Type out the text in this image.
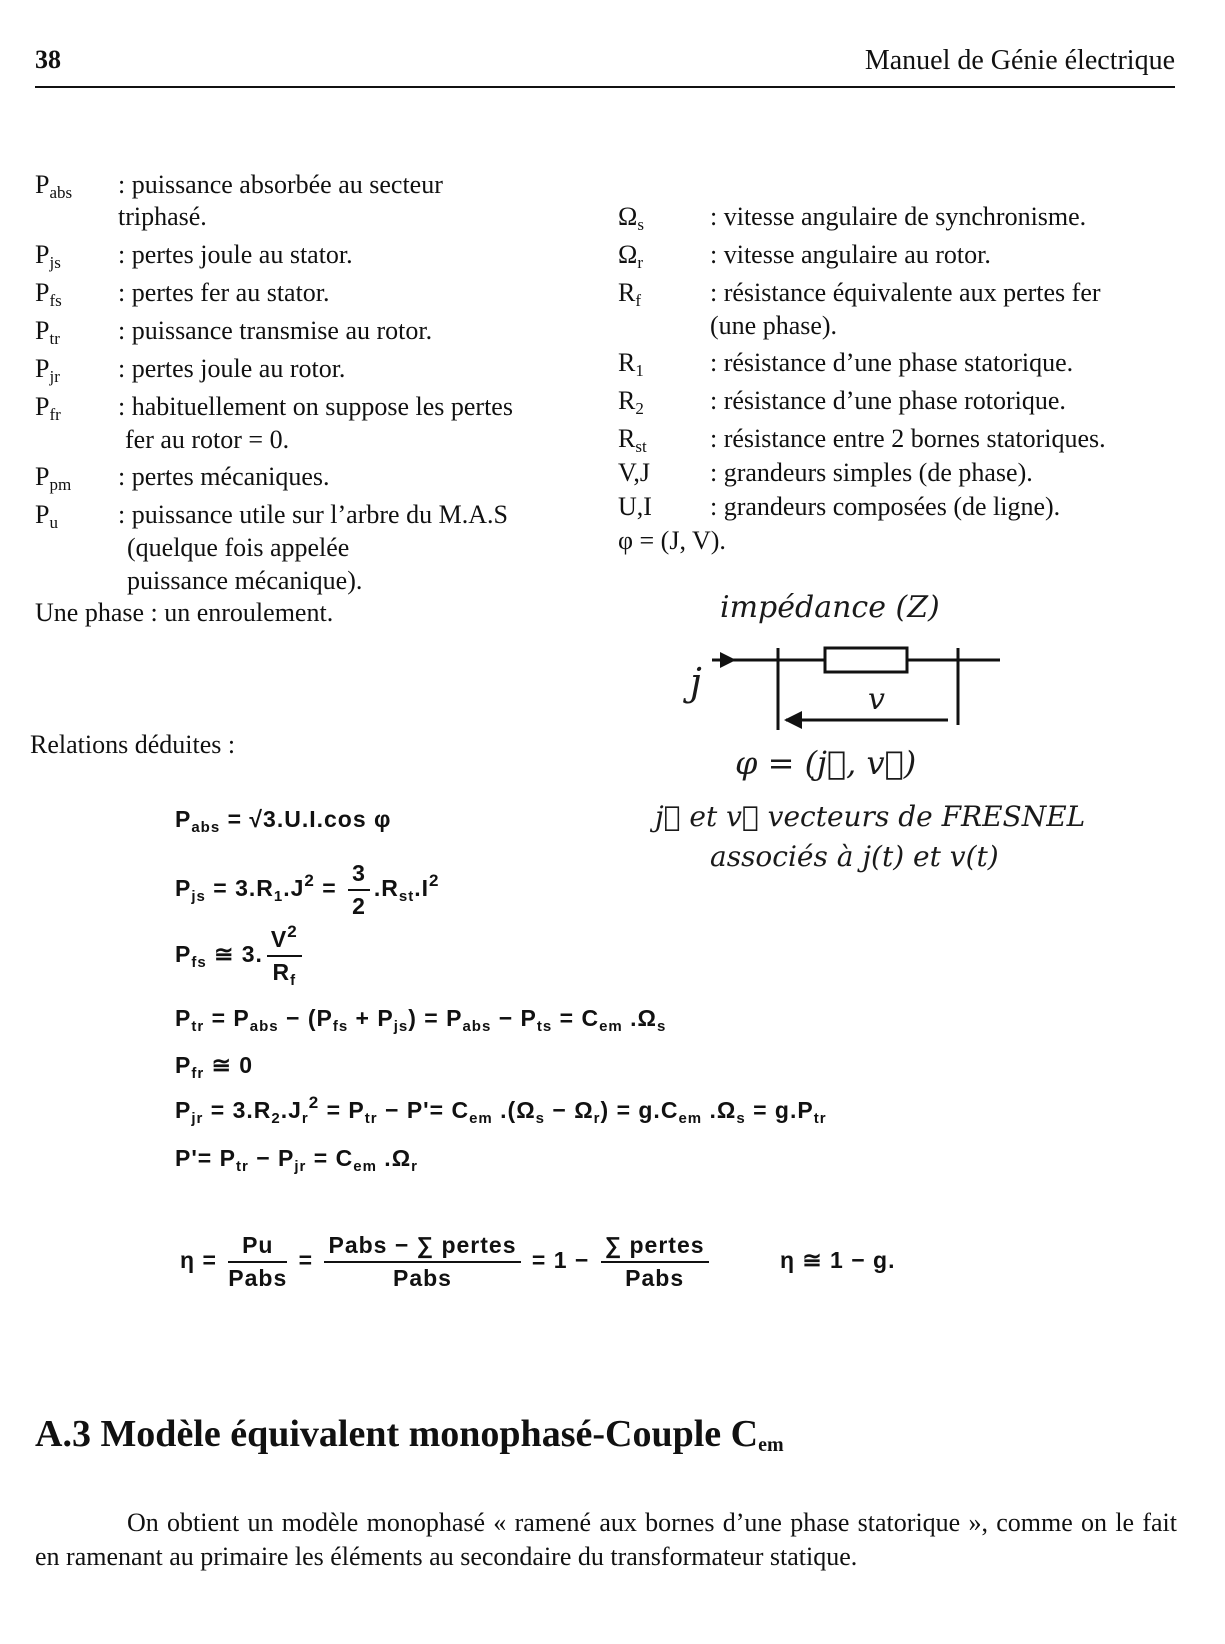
38	Manuel de Génie électrique
$P_{abs}$ : puissance absorbée au secteur
triphasé.
$P_{js}$ : pertes joule au stator.
$P_{fs}$ : pertes fer au stator.
$P_{tr}$ : puissance transmise au rotor.
$P_{jr}$ : pertes joule au rotor.
$P_{fr}$ : habituellement on suppose les pertes
fer au rotor = 0.
$P_{pm}$ : pertes mécaniques.
$P_u$ : puissance utile sur l’arbre du M.A.S
(quelque fois appelée
puissance mécanique).
Une phase : un enroulement.
$\Omega_s$	: vitesse angulaire de synchronisme.
$\Omega_r$	: vitesse angulaire au rotor.
$R_f$	: résistance équivalente aux pertes fer
(une phase).
$R_1$	: résistance d’une phase statorique.
$R_2$	: résistance d’une phase rotorique.
$R_{st}$ : résistance entre 2 bornes statoriques.
V,J : grandeurs simples (de phase).
U,I : grandeurs composées (de ligne).
φ = (J, V).
impédance (Z)
j	v
φ = (j⃗, v⃗)
j⃗ et v⃗ vecteurs de FRESNEL
associés à j(t) et v(t)
Relations déduites :
$P_{abs} = √3.U.I.\cos$ φ
$P_{js} = 3.R_1.J^2 = \frac{3}{2} .R_{st}.I^2$
$P_{fs}$ ≅ 3. $\frac{V^2}{R_f}$
$P_{tr} = P_{abs} - (P_{fs} + P_{js}) = P_{abs} - P_{ts} = C_{em}$ $.\Omega_s$
$P_{fr}$ ≅ 0
$P_{jr} = 3.R_2.J_r^2 = P_{tr} - P'= C_{em}$ $.(\Omega_s - \Omega_r) = g.C_{em}$ $.\Omega_s = g.P_{tr}$
$P'= P_{tr} - P_{jr} = C_{em}$ $.\Omega_r$
$\eta = \frac{Pu}{\text{Pabs}} = \frac{\text{Pabs − ∑ pertes}}{\text{Pabs}} = 1 - \frac{\text{∑ pertes}}{\text{Pabs}}$	η ≅ 1 − g.
A.3 Modèle équivalent monophasé-Couple $C_{em}$
On obtient un modèle monophasé « ramené aux bornes d’une phase statorique », comme on le fait en ramenant au primaire les éléments au secondaire du transformateur statique.
